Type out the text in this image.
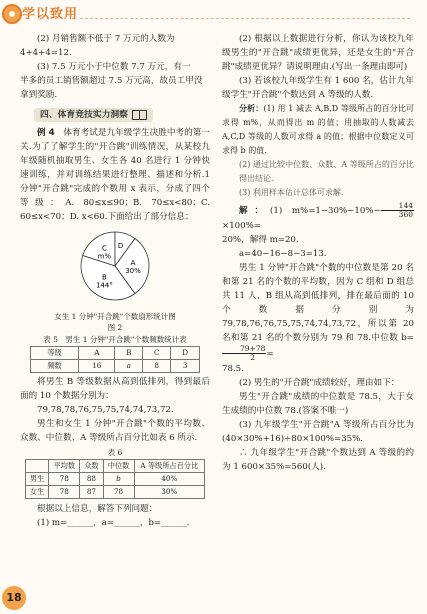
学以致用

(2) 月销售额不低于 7 万元的人数为

4+4+4=12.

(3) 7.5 万元小于中位数 7.7 万元，有一

半多的员工销售额超过 7.5 万元高，故员工甲没

拿到奖励.

四、体育竞技实力洞察

例 4　 体育考试是九年级学生决胜中考的第一关.为了了解学生的"开合跳"训练情况，从某校九年级随机抽取男生、女生各 40 名进行 1 分钟快速训练，并对训练结果进行整理、描述和分析.1 分钟"开合跳"完成的个数用 x 表示，分成了四个等级：A. 80≤x≤90；B. 70≤x<80；C. 60≤x<70；D. x<60.下面给出了部分信息：

A
30%
B
144°
C
m%
D
女生 1 分钟"开合跳"个数扇形统计图
图 2
表 5　男生 1 分钟"开合跳"个数频数统计表
等级	A	B	C	D
频数	16	a	8	3

将男生 B 等级数据从高到低排列，得到最后面的 10 个数据分别为：

79,78,78,76,75,75,74,74,73,72.

男生和女生 1 分钟"开合跳"个数的平均数、众数、中位数、A 等级所占百分比如表 6 所示.

表 6
	平均数	众数	中位数	A 等级所占百分比
男生	78	88	b	40%
女生	78	87	78	30%

根据以上信息，解答下列问题：

(1) m=______，a=______，b=______.

(2) 根据以上数据进行分析，你认为该校九年级男生的"开合跳"成绩更优异，还是女生的"开合跳"成绩更优异？请说明理由.(写出一条理由即可)

(3) 若该校九年级学生有 1 600 名，估计九年级学生"开合跳"个数达到 A 等级的人数.

分析：(1) 用 1 减去 A,B,D 等级所占的百分比可求得 m%，从而得出 m 的值；用抽取的人数减去 A,C,D 等级的人数可求得 a 的值；根据中位数定义可求得 b 的值.

(2) 通过比较中位数、众数、A 等级所占的百分比得出结论.

(3) 利用样本估计总体可求解.

解：(1) $m\%=1-30\%-10\%- \frac{144}{360}$
×100%=

20%，解得 m=20.

a=40−16−8−3=13.

男生 1 分钟"开合跳"个数的中位数是第 20 名和第 21 名的个数的平均数，因为 C 组和 D 组总共 11 人，B 组从高到低排列，排在最后面的 10 个数据分别为 79,78,76,76,75,75,74,74,73,72，所以第 20 名和第 21 名的个数分别为 79 和 78.中位数 b=
$\frac{79+78}{2}$ =

78.5.

(2) 男生的"开合跳"成绩较好，理由如下：

男生"开合跳"成绩的中位数是 78.5，大于女生成绩的中位数 78.(答案不唯一)

(3) 九年级学生"开合跳"A 等级所占百分比为(40×30%+16)÷80×100%=35%.

∴ 九年级学生"开合跳"个数达到 A 等级的约为 1 600×35%=560(人).

18
